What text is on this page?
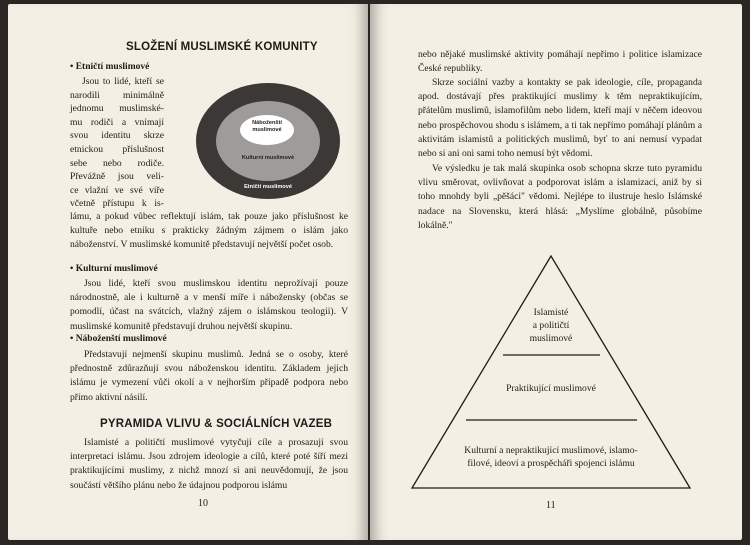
SLOŽENÍ MUSLIMSKÉ KOMUNITY
• Etničtí muslimové
Jsou to lidé, kteří se
narodili minimálně
jednomu muslimské-
mu rodiči a vnímají
svou identitu skrze
etnickou příslušnost
sebe nebo rodiče.
Převážně jsou veli-
ce vlažní ve své víře
včetně přístupu k is-
Náboženští muslimové
Kulturní muslimové
Etničtí muslimové

lámu, a pokud vůbec reflektují islám, tak pouze jako příslušnost ke kultuře nebo etniku s prakticky žádným zájmem o islám jako náboženství. V muslimské komunitě představují největší počet osob.

• Kulturní muslimové

Jsou lidé, kteří svou muslimskou identitu neprožívají pouze národnostně, ale i kulturně a v menší míře i nábožensky (občas se pomodlí, účast na svátcích, vlažný zájem o islámskou teologii). V muslimské komunitě představují druhou největší skupinu.

• Náboženští muslimové

Představují nejmenší skupinu muslimů. Jedná se o osoby, které přednostně zdůrazňují svou náboženskou identitu. Základem jejich islámu je vymezení vůči okolí a v nejhorším případě podpora nebo přímo aktivní násilí.

PYRAMIDA VLIVU & SOCIÁLNÍCH VAZEB

Islamisté a političtí muslimové vytyčují cíle a prosazují svou interpretaci islámu. Jsou zdrojem ideologie a cílů, které poté šíří mezi praktikujícími muslimy, z nichž mnozí si ani neuvědomují, že jsou součástí většího plánu nebo že údajnou podporou islámu

10

nebo nějaké muslimské aktivity pomáhají nepřímo i politice islamizace České republiky.

Skrze sociální vazby a kontakty se pak ideologie, cíle, propaganda apod. dostávají přes praktikující muslimy k těm nepraktikujícím, přátelům muslimů, islamofilům nebo lidem, kteří mají v něčem ideovou nebo prospěchovou shodu s islámem, a ti tak nepřímo pomáhají plánům a aktivitám islamistů a politických muslimů, byť to ani nemusí vypadat nebo si ani oni sami toho nemusí být vědomi.

Ve výsledku je tak malá skupinka osob schopna skrze tuto pyramidu vlivu směrovat, ovlivňovat a podporovat islám a islamizaci, aniž by si toho mnohdy byli „pěšáci" vědomi. Nejlépe to ilustruje heslo Islámské nadace na Slovensku, která hlásá: „Myslíme globálně, působíme lokálně."

Islamisté
a političtí
muslimové
Praktikující muslimové
Kulturní a nepraktikující muslimové, islamo-
filové, ideoví a prospěcháři spojenci islámu
11
